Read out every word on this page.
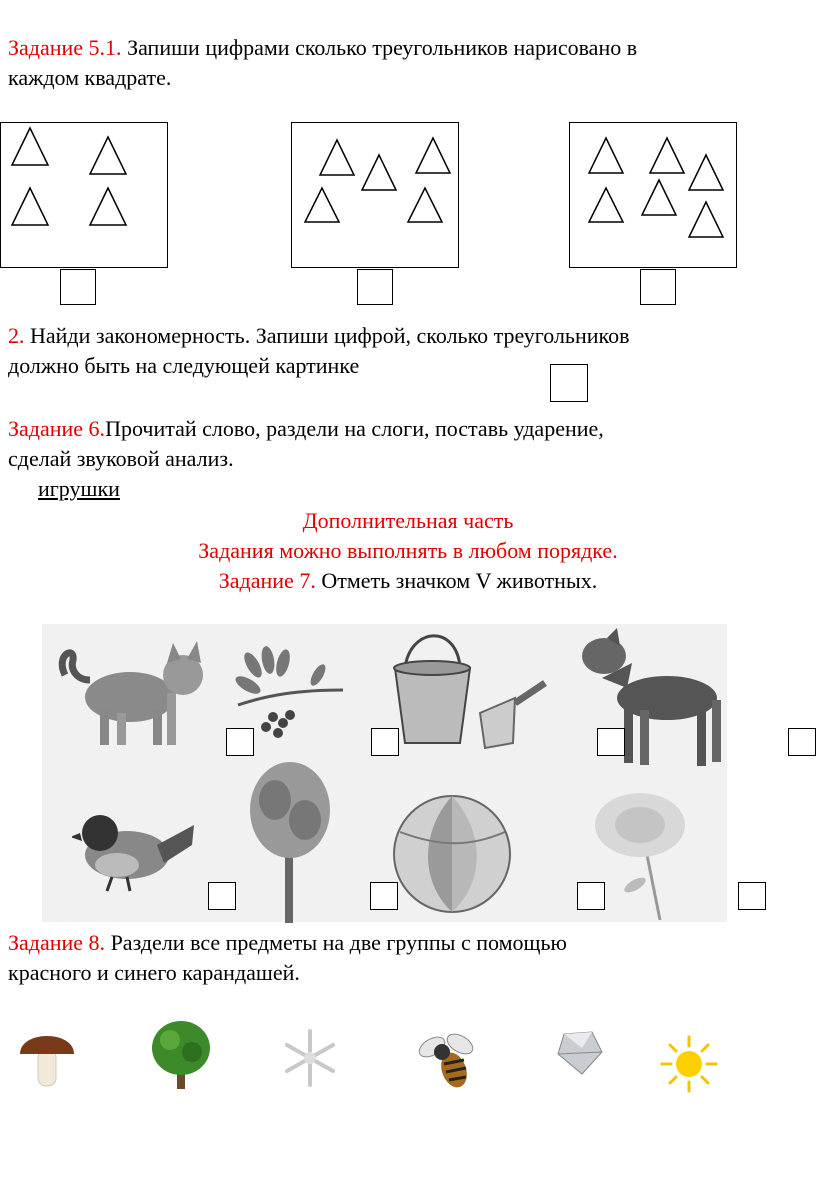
Задание 5.1. Запиши цифрами сколько треугольников нарисовано в
каждом квадрате.
2. Найди закономерность. Запиши цифрой, сколько треугольников
должно быть на следующей картинке
Задание 6.Прочитай слово, раздели на слоги, поставь ударение,
сделай звуковой анализ.
игрушки
Дополнительная часть
Задания можно выполнять в любом порядке.
Задание 7. Отметь значком V животных.
Задание 8. Раздели все предметы на две группы с помощью
красного и синего карандашей.
